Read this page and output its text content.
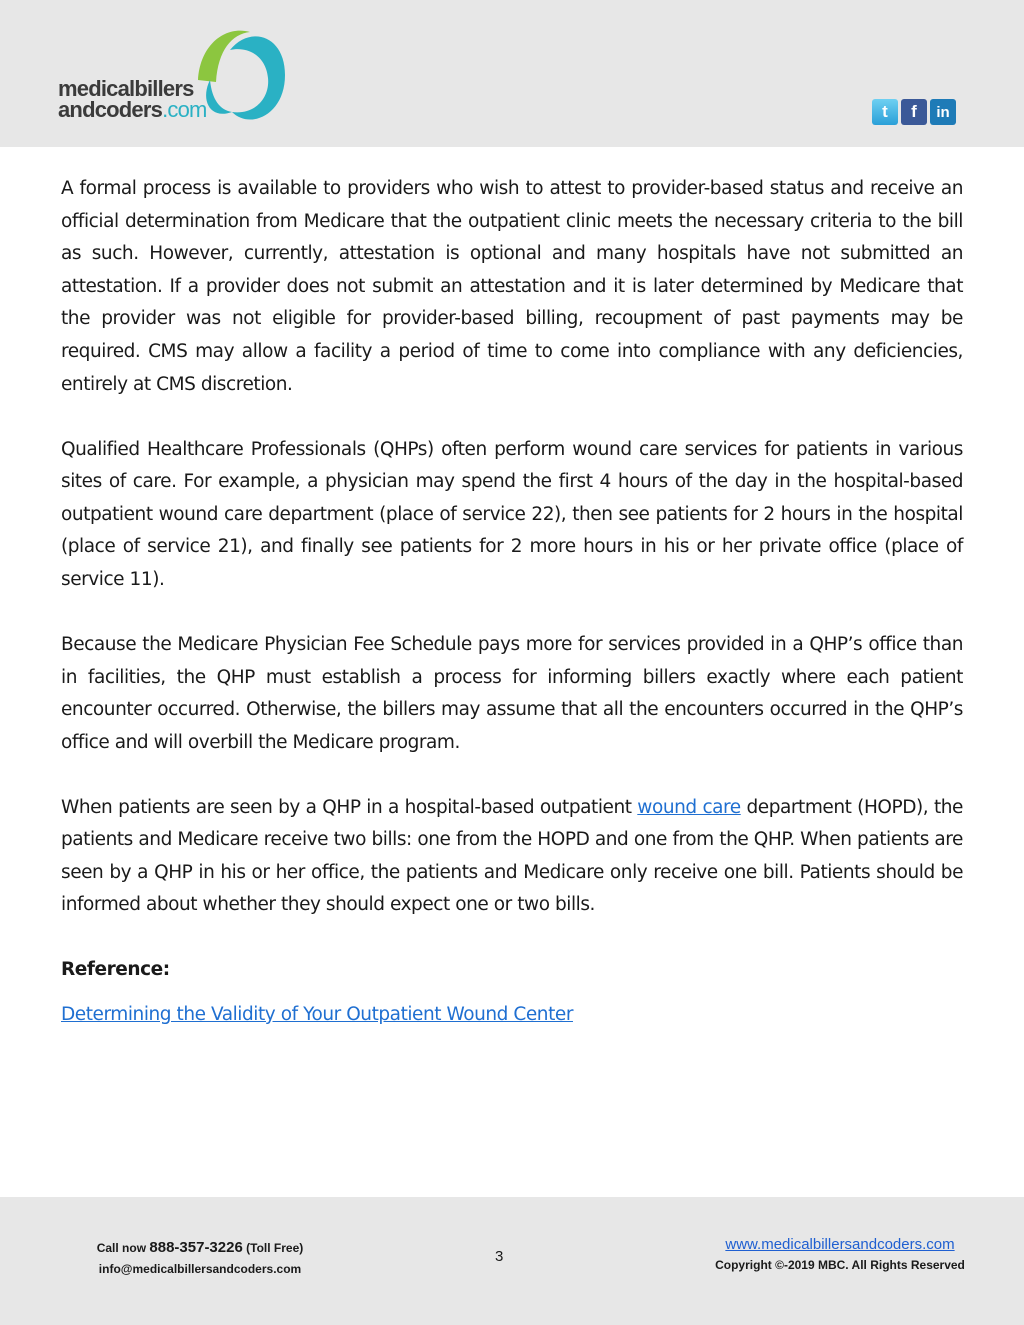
medicalbillers
andcoders.com	t	f	in

A formal process is available to providers who wish to attest to provider-based status and receive an official determination from Medicare that the outpatient clinic meets the necessary criteria to the bill as such. However, currently, attestation is optional and many hospitals have not submitted an attestation. If a provider does not submit an attestation and it is later determined by Medicare that the provider was not eligible for provider-based billing, recoupment of past payments may be required. CMS may allow a facility a period of time to come into compliance with any deficiencies, entirely at CMS discretion.

Qualified Healthcare Professionals (QHPs) often perform wound care services for patients in various sites of care. For example, a physician may spend the first 4 hours of the day in the hospital-based outpatient wound care department (place of service 22), then see patients for 2 hours in the hospital (place of service 21), and finally see patients for 2 more hours in his or her private office (place of service 11).

Because the Medicare Physician Fee Schedule pays more for services provided in a QHP’s office than in facilities, the QHP must establish a process for informing billers exactly where each patient encounter occurred. Otherwise, the billers may assume that all the encounters occurred in the QHP’s office and will overbill the Medicare program.

When patients are seen by a QHP in a hospital-based outpatient wound care department (HOPD), the patients and Medicare receive two bills: one from the HOPD and one from the QHP. When patients are seen by a QHP in his or her office, the patients and Medicare only receive one bill. Patients should be informed about whether they should expect one or two bills.

Reference:
Determining the Validity of Your Outpatient Wound Center
Call now 888-357-3226 (Toll Free)
info@medicalbillersandcoders.com
3
www.medicalbillersandcoders.com
Copyright ©-2019 MBC. All Rights Reserved
